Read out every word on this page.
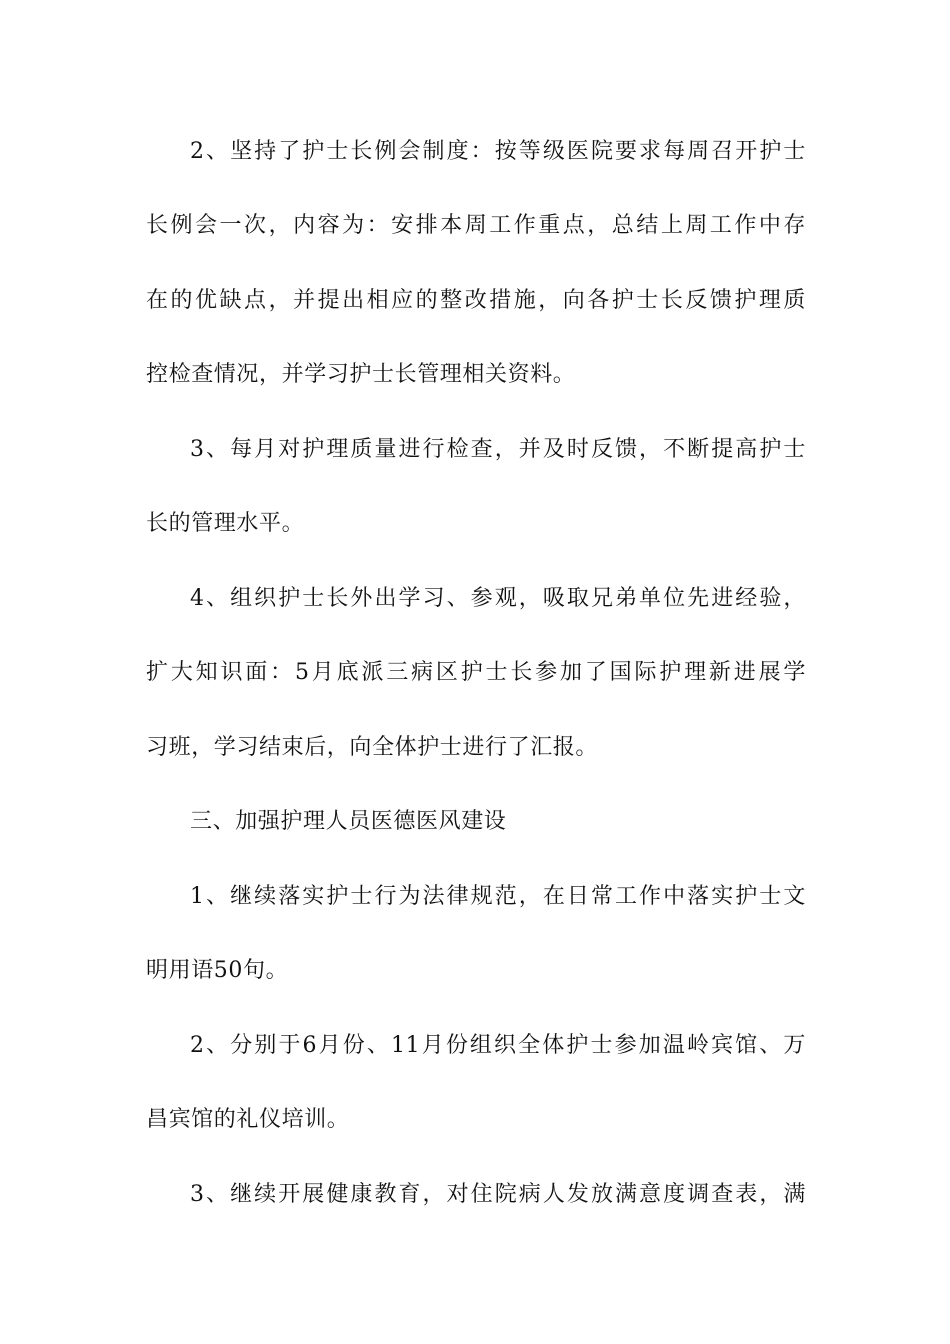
2、坚持了护士长例会制度：按等级医院要求每周召开护士
长例会一次，内容为：安排本周工作重点，总结上周工作中存
在的优缺点，并提出相应的整改措施，向各护士长反馈护理质
控检查情况，并学习护士长管理相关资料。
3、每月对护理质量进行检查，并及时反馈，不断提高护士
长的管理水平。
4、组织护士长外出学习、参观，吸取兄弟单位先进经验，
扩大知识面：5月底派三病区护士长参加了国际护理新进展学
习班，学习结束后，向全体护士进行了汇报。
三、加强护理人员医德医风建设
1、继续落实护士行为法律规范，在日常工作中落实护士文
明用语50句。
2、分别于6月份、11月份组织全体护士参加温岭宾馆、万
昌宾馆的礼仪培训。
3、继续开展健康教育，对住院病人发放满意度调查表，满
